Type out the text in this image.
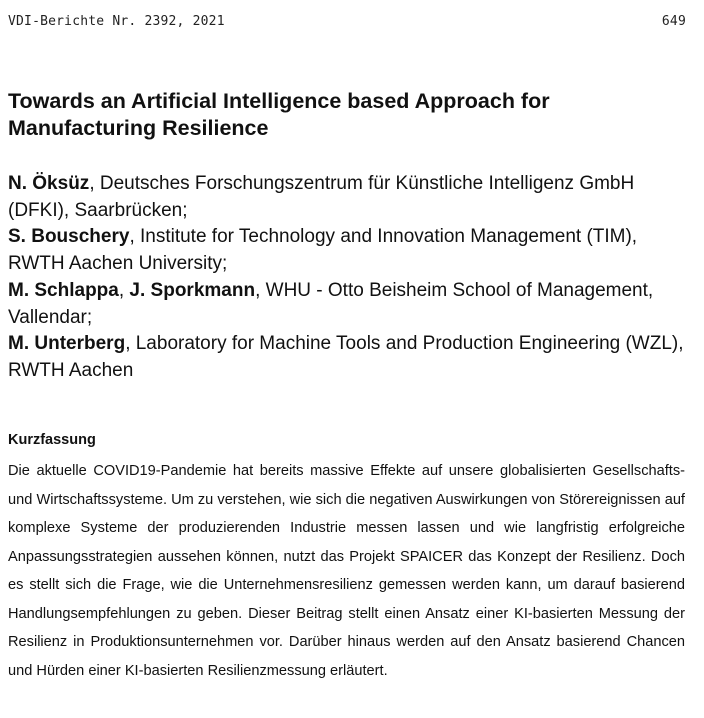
VDI-Berichte Nr. 2392, 2021	649
Towards an Artificial Intelligence based Approach for Manufacturing Resilience

N. Öksüz, Deutsches Forschungszentrum für Künstliche Intelligenz GmbH (DFKI), Saarbrücken;

S. Bouschery, Institute for Technology and Innovation Management (TIM), RWTH Aachen University;

M. Schlappa, J. Sporkmann, WHU - Otto Beisheim School of Management, Vallendar;

M. Unterberg, Laboratory for Machine Tools and Production Engineering (WZL), RWTH Aachen

Kurzfassung

Die aktuelle COVID19-Pandemie hat bereits massive Effekte auf unsere globalisierten Gesellschafts- und Wirtschaftssysteme. Um zu verstehen, wie sich die negativen Auswirkungen von Störereignissen auf komplexe Systeme der produzierenden Industrie messen lassen und wie langfristig erfolgreiche Anpassungsstrategien aussehen können, nutzt das Projekt SPAICER das Konzept der Resilienz. Doch es stellt sich die Frage, wie die Unternehmensresilienz gemessen werden kann, um darauf basierend Handlungsempfehlungen zu geben. Dieser Beitrag stellt einen Ansatz einer KI-basierten Messung der Resilienz in Produktionsunternehmen vor. Darüber hinaus werden auf den Ansatz basierend Chancen und Hürden einer KI-basierten Resilienzmessung erläutert.
